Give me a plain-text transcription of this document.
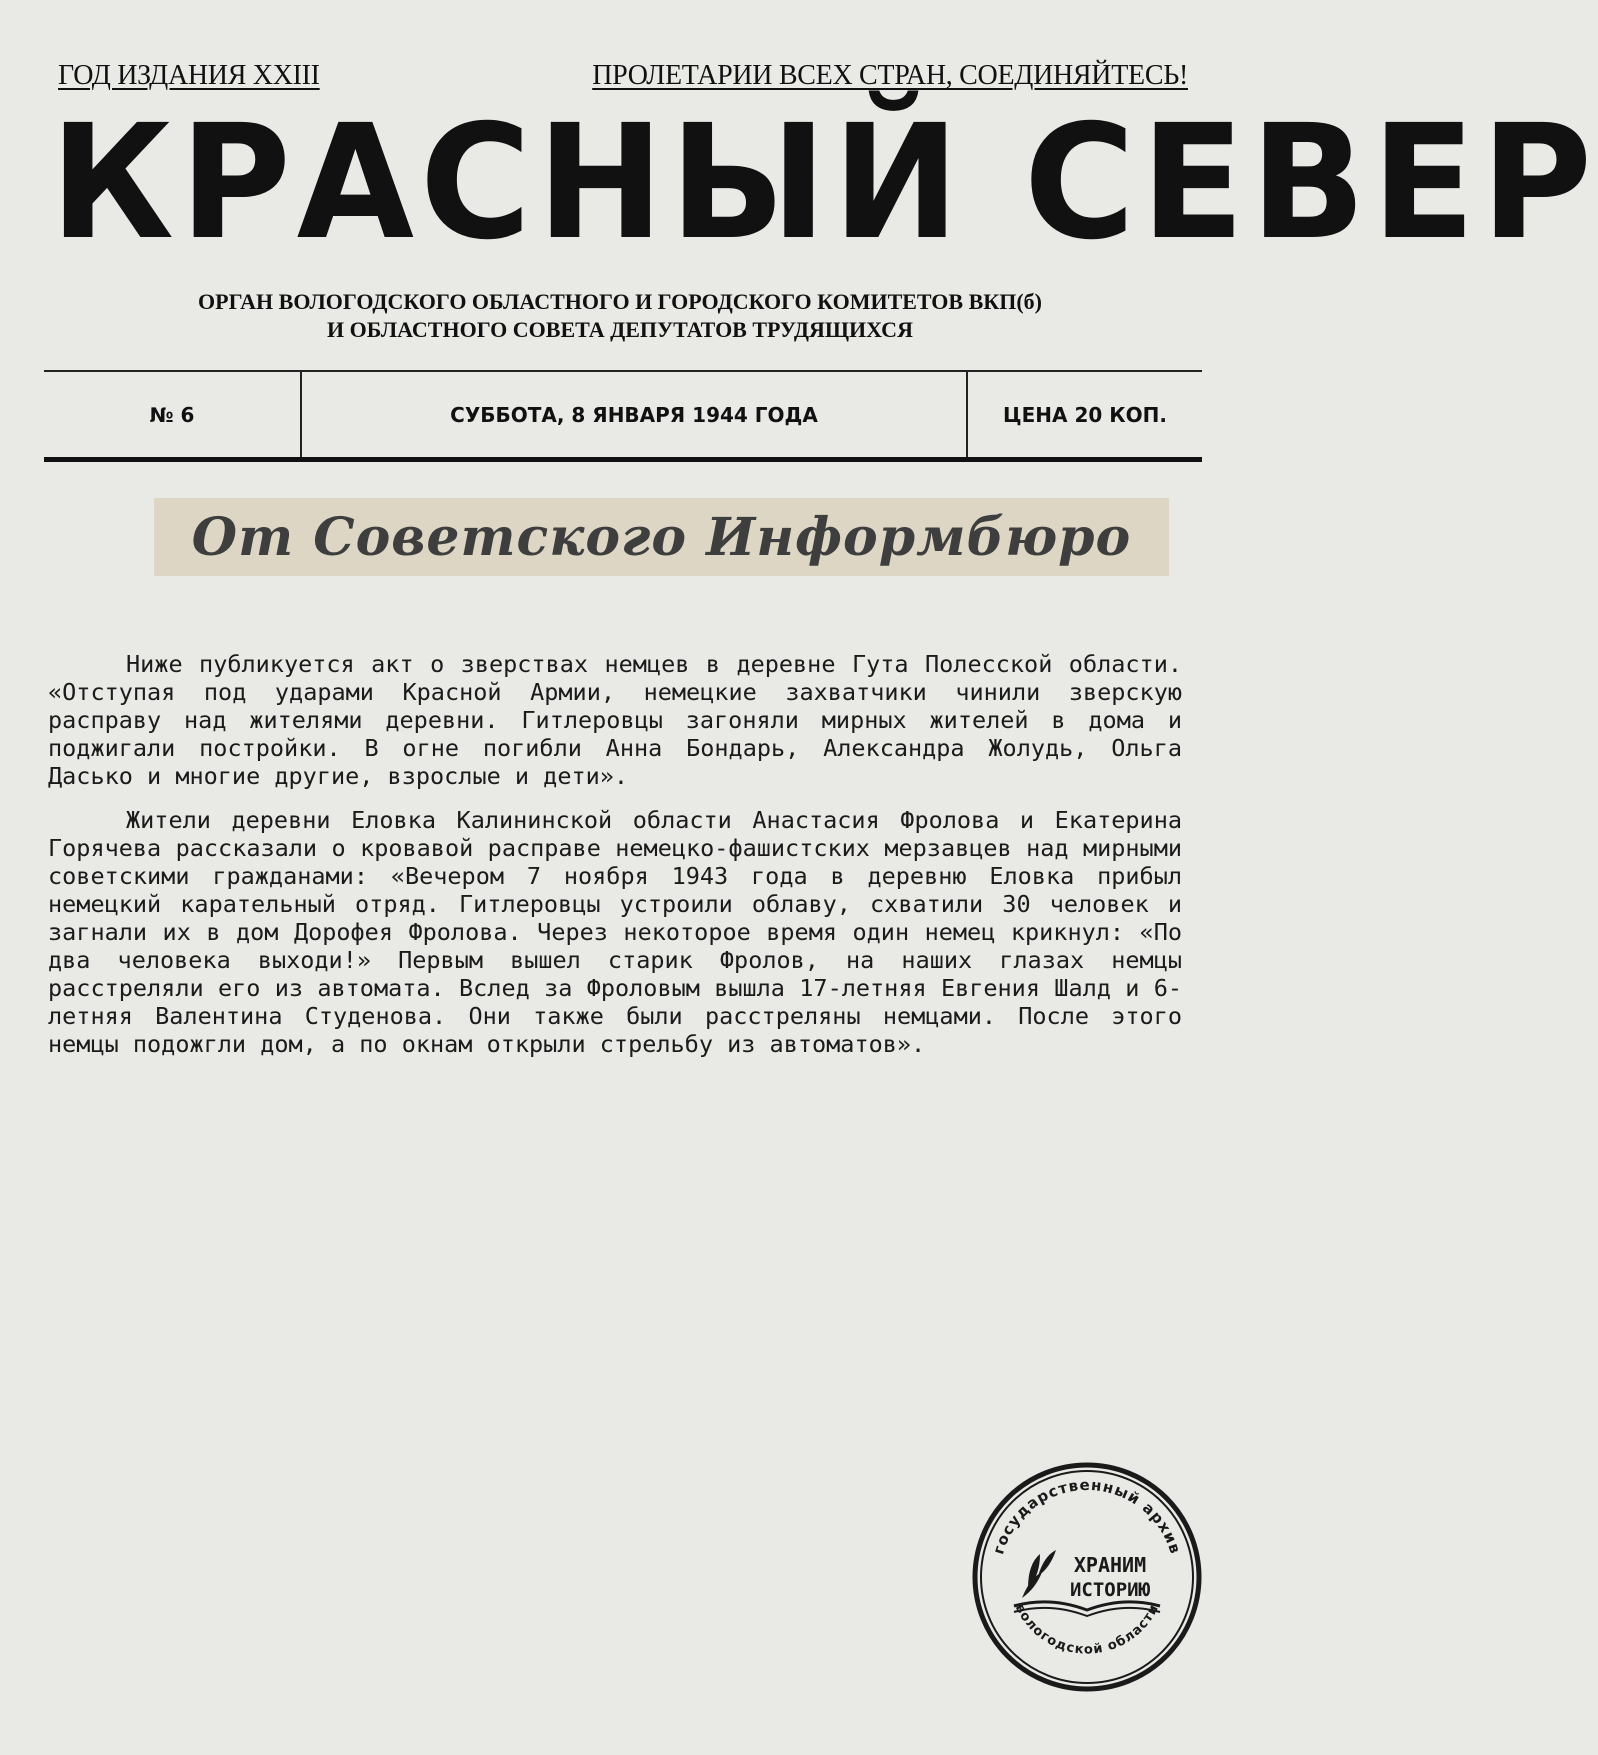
ГОД ИЗДАНИЯ XXIII	ПРОЛЕТАРИИ ВСЕХ СТРАН, СОЕДИНЯЙТЕСЬ!
КРАСНЫЙ СЕВЕР
ОРГАН ВОЛОГОДСКОГО ОБЛАСТНОГО И ГОРОДСКОГО КОМИТЕТОВ ВКП(б)
И ОБЛАСТНОГО СОВЕТА ДЕПУТАТОВ ТРУДЯЩИХСЯ
№ 6	СУББОТА, 8 ЯНВАРЯ 1944 ГОДА	ЦЕНА 20 КОП.
От Советского Информбюро

Ниже публикуется акт о зверствах немцев в деревне Гута Полесской области. «Отступая под ударами Красной Армии, немецкие захватчики чинили зверскую расправу над жителями деревни. Гитлеровцы загоняли мирных жителей в дома и поджигали постройки. В огне погибли Анна Бондарь, Александра Жолудь, Ольга Дасько и многие другие, взрослые и дети».

Жители деревни Еловка Калининской области Анастасия Фролова и Екатерина Горячева рассказали о кровавой расправе немецко-фашистских мерзавцев над мирными советскими гражданами: «Вечером 7 ноября 1943 года в деревню Еловка прибыл немецкий карательный отряд. Гитлеровцы устроили облаву, схватили 30 человек и загнали их в дом Дорофея Фролова. Через некоторое время один немец крикнул: «По два человека выходи!» Первым вышел старик Фролов, на наших глазах немцы расстреляли его из автомата. Вслед за Фроловым вышла 17-летняя Евгения Шалд и 6-летняя Валентина Студенова. Они также были расстреляны немцами. После этого немцы подожгли дом, а по окнам открыли стрельбу из автоматов».

государственный архив
вологодской области
ХРАНИМ
ИСТОРИЮ
